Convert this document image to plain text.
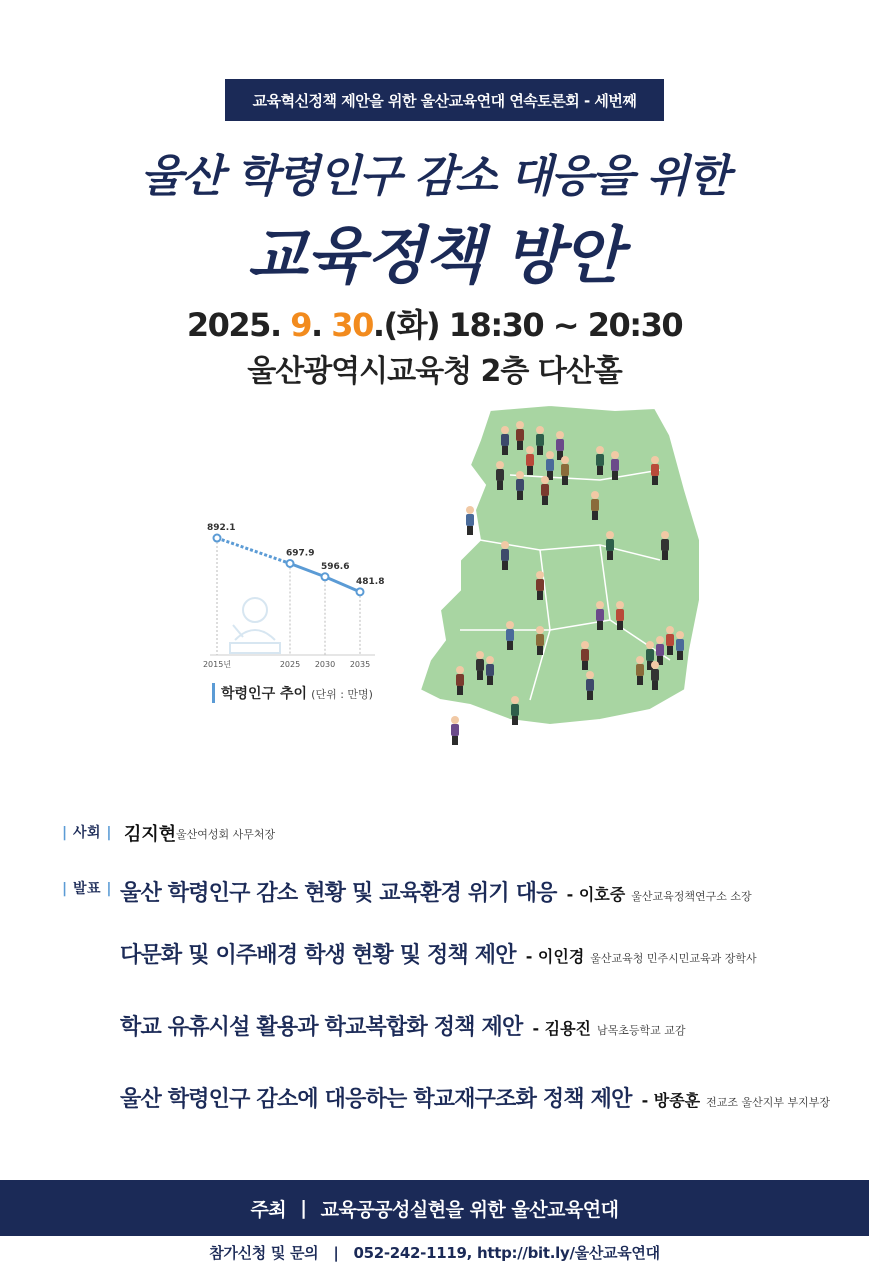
교육혁신정책 제안을 위한 울산교육연대 연속토론회 - 세번째
울산 학령인구 감소 대응을 위한
교육정책 방안
2025. 9. 30.(화) 18:30 ~ 20:30
울산광역시교육청 2층 다산홀
892.1
2015년
697.9
2025
596.6
2030
481.8
2035
학령인구 추이 (단위 : 만명)
| 사회 |	김지현 울산여성회 사무처장
| 발표 | 울산 학령인구 감소 현황 및 교육환경 위기 대응 - 이호중 울산교육정책연구소 소장
다문화 및 이주배경 학생 현황 및 정책 제안 - 이인경 울산교육청 민주시민교육과 장학사
학교 유휴시설 활용과 학교복합화 정책 제안 - 김용진 남목초등학교 교감
울산 학령인구 감소에 대응하는 학교재구조화 정책 제안 - 방종훈 전교조 울산지부 부지부장
주최 | 교육공공성실현을 위한 울산교육연대
참가신청 및 문의 | 052-242-1119, http://bit.ly/울산교육연대
